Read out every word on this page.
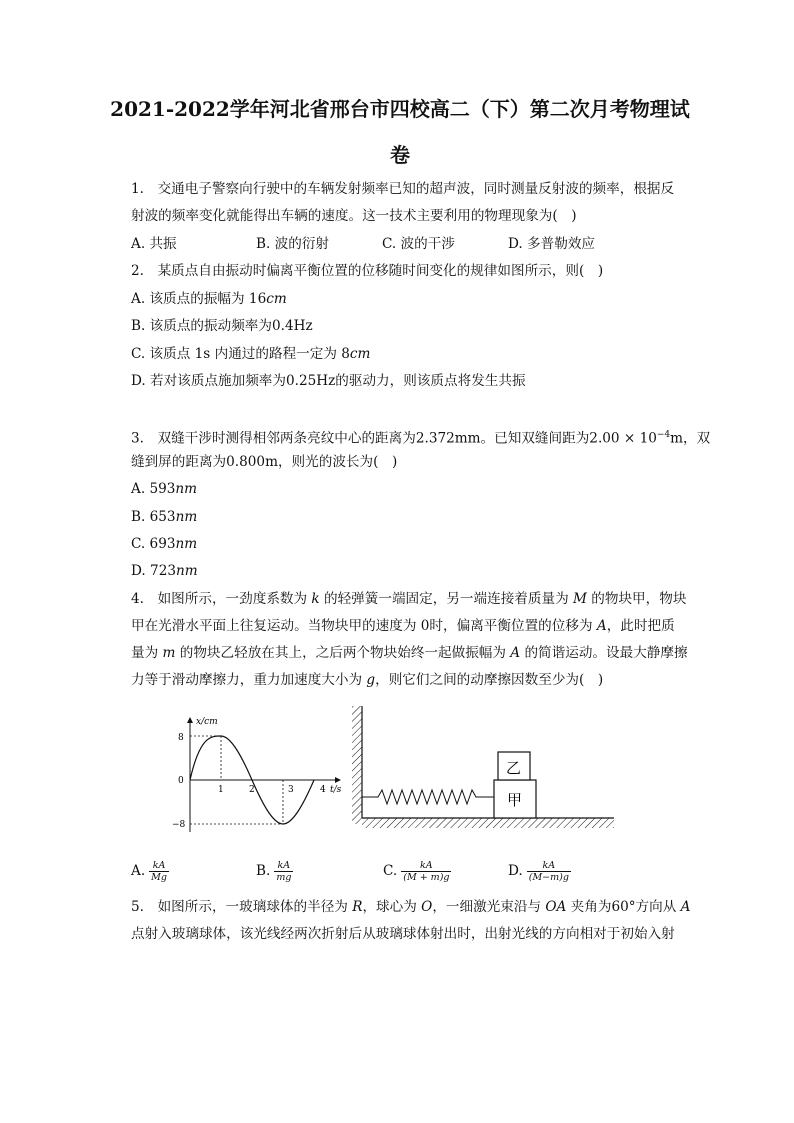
2021-2022学年河北省邢台市四校高二（下）第二次月考物理试
卷
1.　交通电子警察向行驶中的车辆发射频率已知的超声波，同时测量反射波的频率，根据反
射波的频率变化就能得出车辆的速度。这一技术主要利用的物理现象为(　)
A. 共振	B. 波的衍射	C. 波的干涉	D. 多普勒效应
2.　某质点自由振动时偏离平衡位置的位移随时间变化的规律如图所示，则(　)
A. 该质点的振幅为 16cm
B. 该质点的振动频率为0.4Hz
C. 该质点 1s 内通过的路程一定为 8cm
D. 若对该质点施加频率为0.25Hz的驱动力，则该质点将发生共振
3.　双缝干涉时测得相邻两条亮纹中心的距离为2.372mm。已知双缝间距为$2.00 \times 10^{-4}m$，双
缝到屏的距离为0.800m，则光的波长为(　)
A. 593nm
B. 653nm
C. 693nm
D. 723nm
4.　如图所示，一劲度系数为 k 的轻弹簧一端固定，另一端连接着质量为 M 的物块甲，物块
甲在光滑水平面上往复运动。当物块甲的速度为 0时，偏离平衡位置的位移为 A，此时把质
量为 m 的物块乙轻放在其上，之后两个物块始终一起做振幅为 A 的简谐运动。设最大静摩擦
力等于滑动摩擦力，重力加速度大小为 g，则它们之间的动摩擦因数至少为(　)
x/cm
t/s
8
0
−8
1	2	3	4
甲
乙
A. $\frac{kA}{Mg}$	B. $\frac{kA}{mg}$	C. $\frac{kA}{(M + m)g}$	D. $\frac{kA}{(M-m)g}$
5.　如图所示，一玻璃球体的半径为 R，球心为 O，一细激光束沿与 OA 夹角为60°方向从 A
点射入玻璃球体，该光线经两次折射后从玻璃球体射出时，出射光线的方向相对于初始入射
